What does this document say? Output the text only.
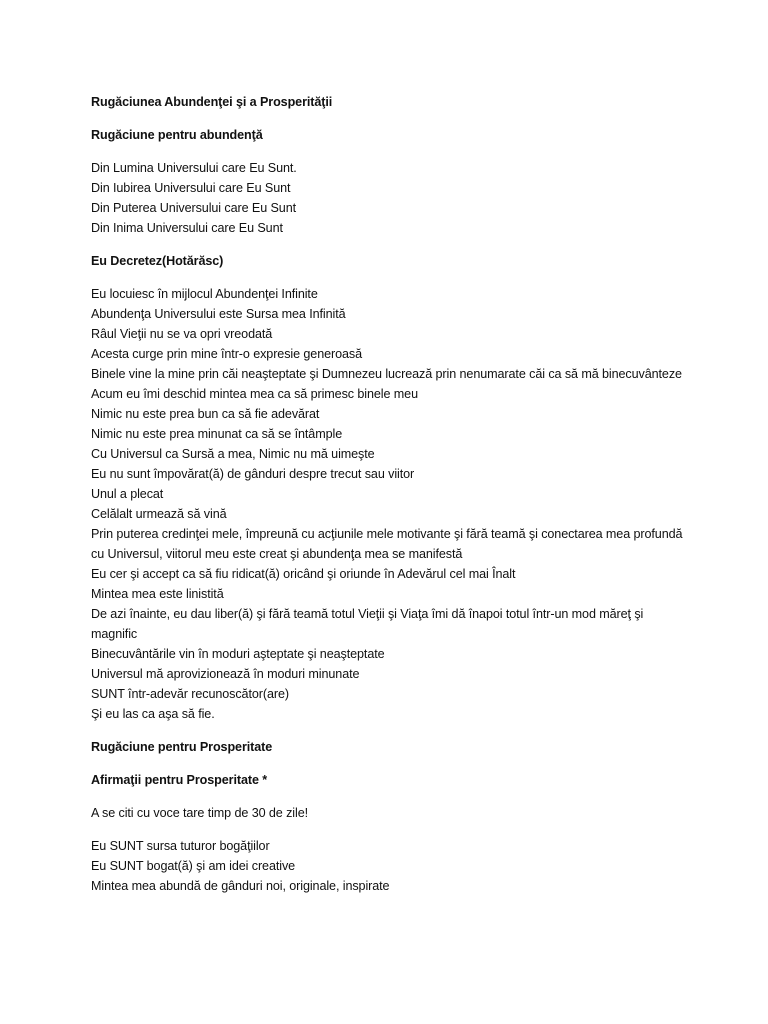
Rugăciunea Abundenţei şi a Prosperităţii
Rugăciune pentru abundenţă
Din Lumina Universului care Eu Sunt.
Din Iubirea Universului care Eu Sunt
Din Puterea Universului care Eu Sunt
Din Inima Universului care Eu Sunt
Eu Decretez(Hotărăsc)
Eu locuiesc în mijlocul Abundenţei Infinite
Abundenţa Universului este Sursa mea Infinită
Râul Vieţii nu se va opri vreodată
Acesta curge prin mine într-o expresie generoasă
Binele vine la mine prin căi neaşteptate şi Dumnezeu lucrează prin nenumarate căi ca să mă binecuvânteze
Acum eu îmi deschid mintea mea ca să primesc binele meu
Nimic nu este prea bun ca să fie adevărat
Nimic nu este prea minunat ca să se întâmple
Cu Universul ca Sursă a mea, Nimic nu mă uimeşte
Eu nu sunt împovărat(ă) de gânduri despre trecut sau viitor
Unul a plecat
Celălalt urmează să vină
Prin puterea credinţei mele, împreună cu acţiunile mele motivante şi fără teamă şi conectarea mea profundă cu Universul, viitorul meu este creat şi abundenţa mea se manifestă
Eu cer şi accept ca să fiu ridicat(ă) oricând şi oriunde în Adevărul cel mai Înalt
Mintea mea este linistită
De azi înainte, eu dau liber(ă) şi fără teamă totul Vieţii şi Viaţa îmi dă înapoi totul într-un mod măreţ şi magnific
Binecuvântările vin în moduri aşteptate şi neaşteptate
Universul mă aprovizionează în moduri minunate
SUNT într-adevăr recunoscător(are)
Şi eu las ca aşa să fie.
Rugăciune pentru Prosperitate
Afirmaţii pentru Prosperitate *
A se citi cu voce tare timp de 30 de zile!
Eu SUNT sursa tuturor bogăţiilor
Eu SUNT bogat(ă) şi am idei creative
Mintea mea abundă de gânduri noi, originale, inspirate
